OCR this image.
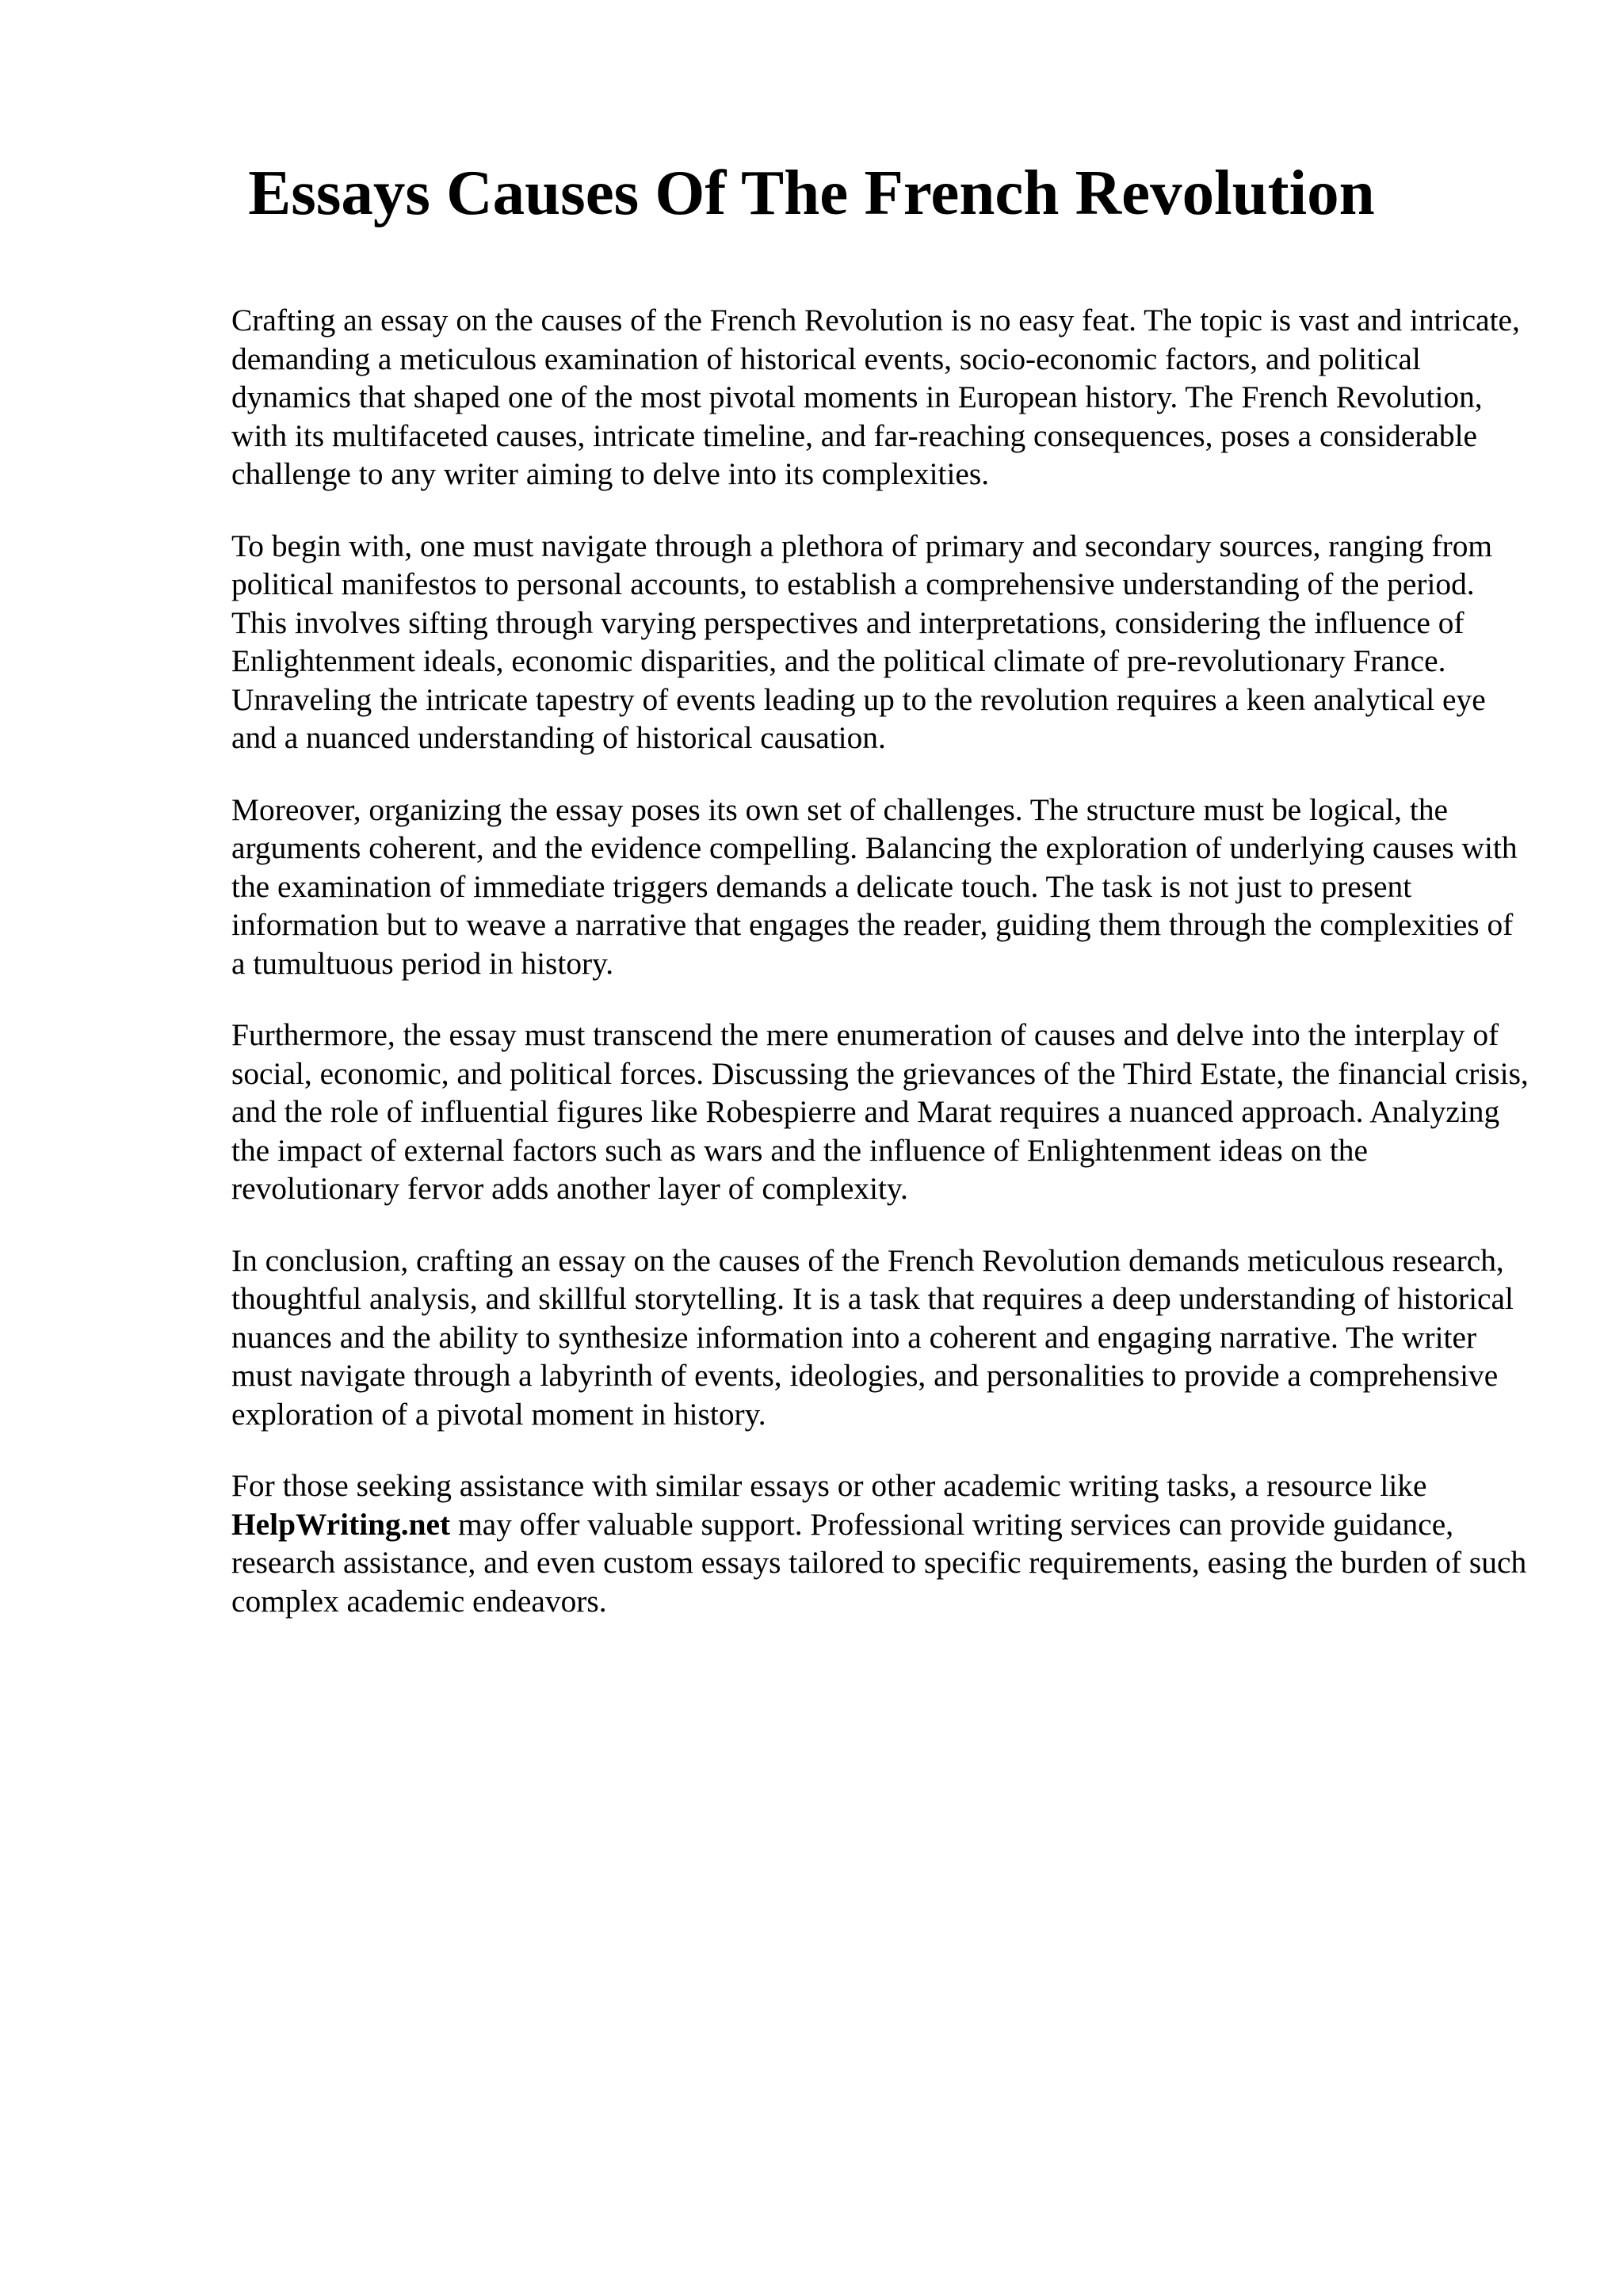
Essays Causes Of The French Revolution

Crafting an essay on the causes of the French Revolution is no easy feat. The topic is vast and intricate, demanding a meticulous examination of historical events, socio-economic factors, and political dynamics that shaped one of the most pivotal moments in European history. The French Revolution, with its multifaceted causes, intricate timeline, and far-reaching consequences, poses a considerable challenge to any writer aiming to delve into its complexities.

To begin with, one must navigate through a plethora of primary and secondary sources, ranging from political manifestos to personal accounts, to establish a comprehensive understanding of the period. This involves sifting through varying perspectives and interpretations, considering the influence of Enlightenment ideals, economic disparities, and the political climate of pre-revolutionary France. Unraveling the intricate tapestry of events leading up to the revolution requires a keen analytical eye and a nuanced understanding of historical causation.

Moreover, organizing the essay poses its own set of challenges. The structure must be logical, the arguments coherent, and the evidence compelling. Balancing the exploration of underlying causes with the examination of immediate triggers demands a delicate touch. The task is not just to present information but to weave a narrative that engages the reader, guiding them through the complexities of a tumultuous period in history.

Furthermore, the essay must transcend the mere enumeration of causes and delve into the interplay of social, economic, and political forces. Discussing the grievances of the Third Estate, the financial crisis, and the role of influential figures like Robespierre and Marat requires a nuanced approach. Analyzing the impact of external factors such as wars and the influence of Enlightenment ideas on the revolutionary fervor adds another layer of complexity.

In conclusion, crafting an essay on the causes of the French Revolution demands meticulous research, thoughtful analysis, and skillful storytelling. It is a task that requires a deep understanding of historical nuances and the ability to synthesize information into a coherent and engaging narrative. The writer must navigate through a labyrinth of events, ideologies, and personalities to provide a comprehensive exploration of a pivotal moment in history.

For those seeking assistance with similar essays or other academic writing tasks, a resource like HelpWriting.net may offer valuable support. Professional writing services can provide guidance, research assistance, and even custom essays tailored to specific requirements, easing the burden of such complex academic endeavors.
